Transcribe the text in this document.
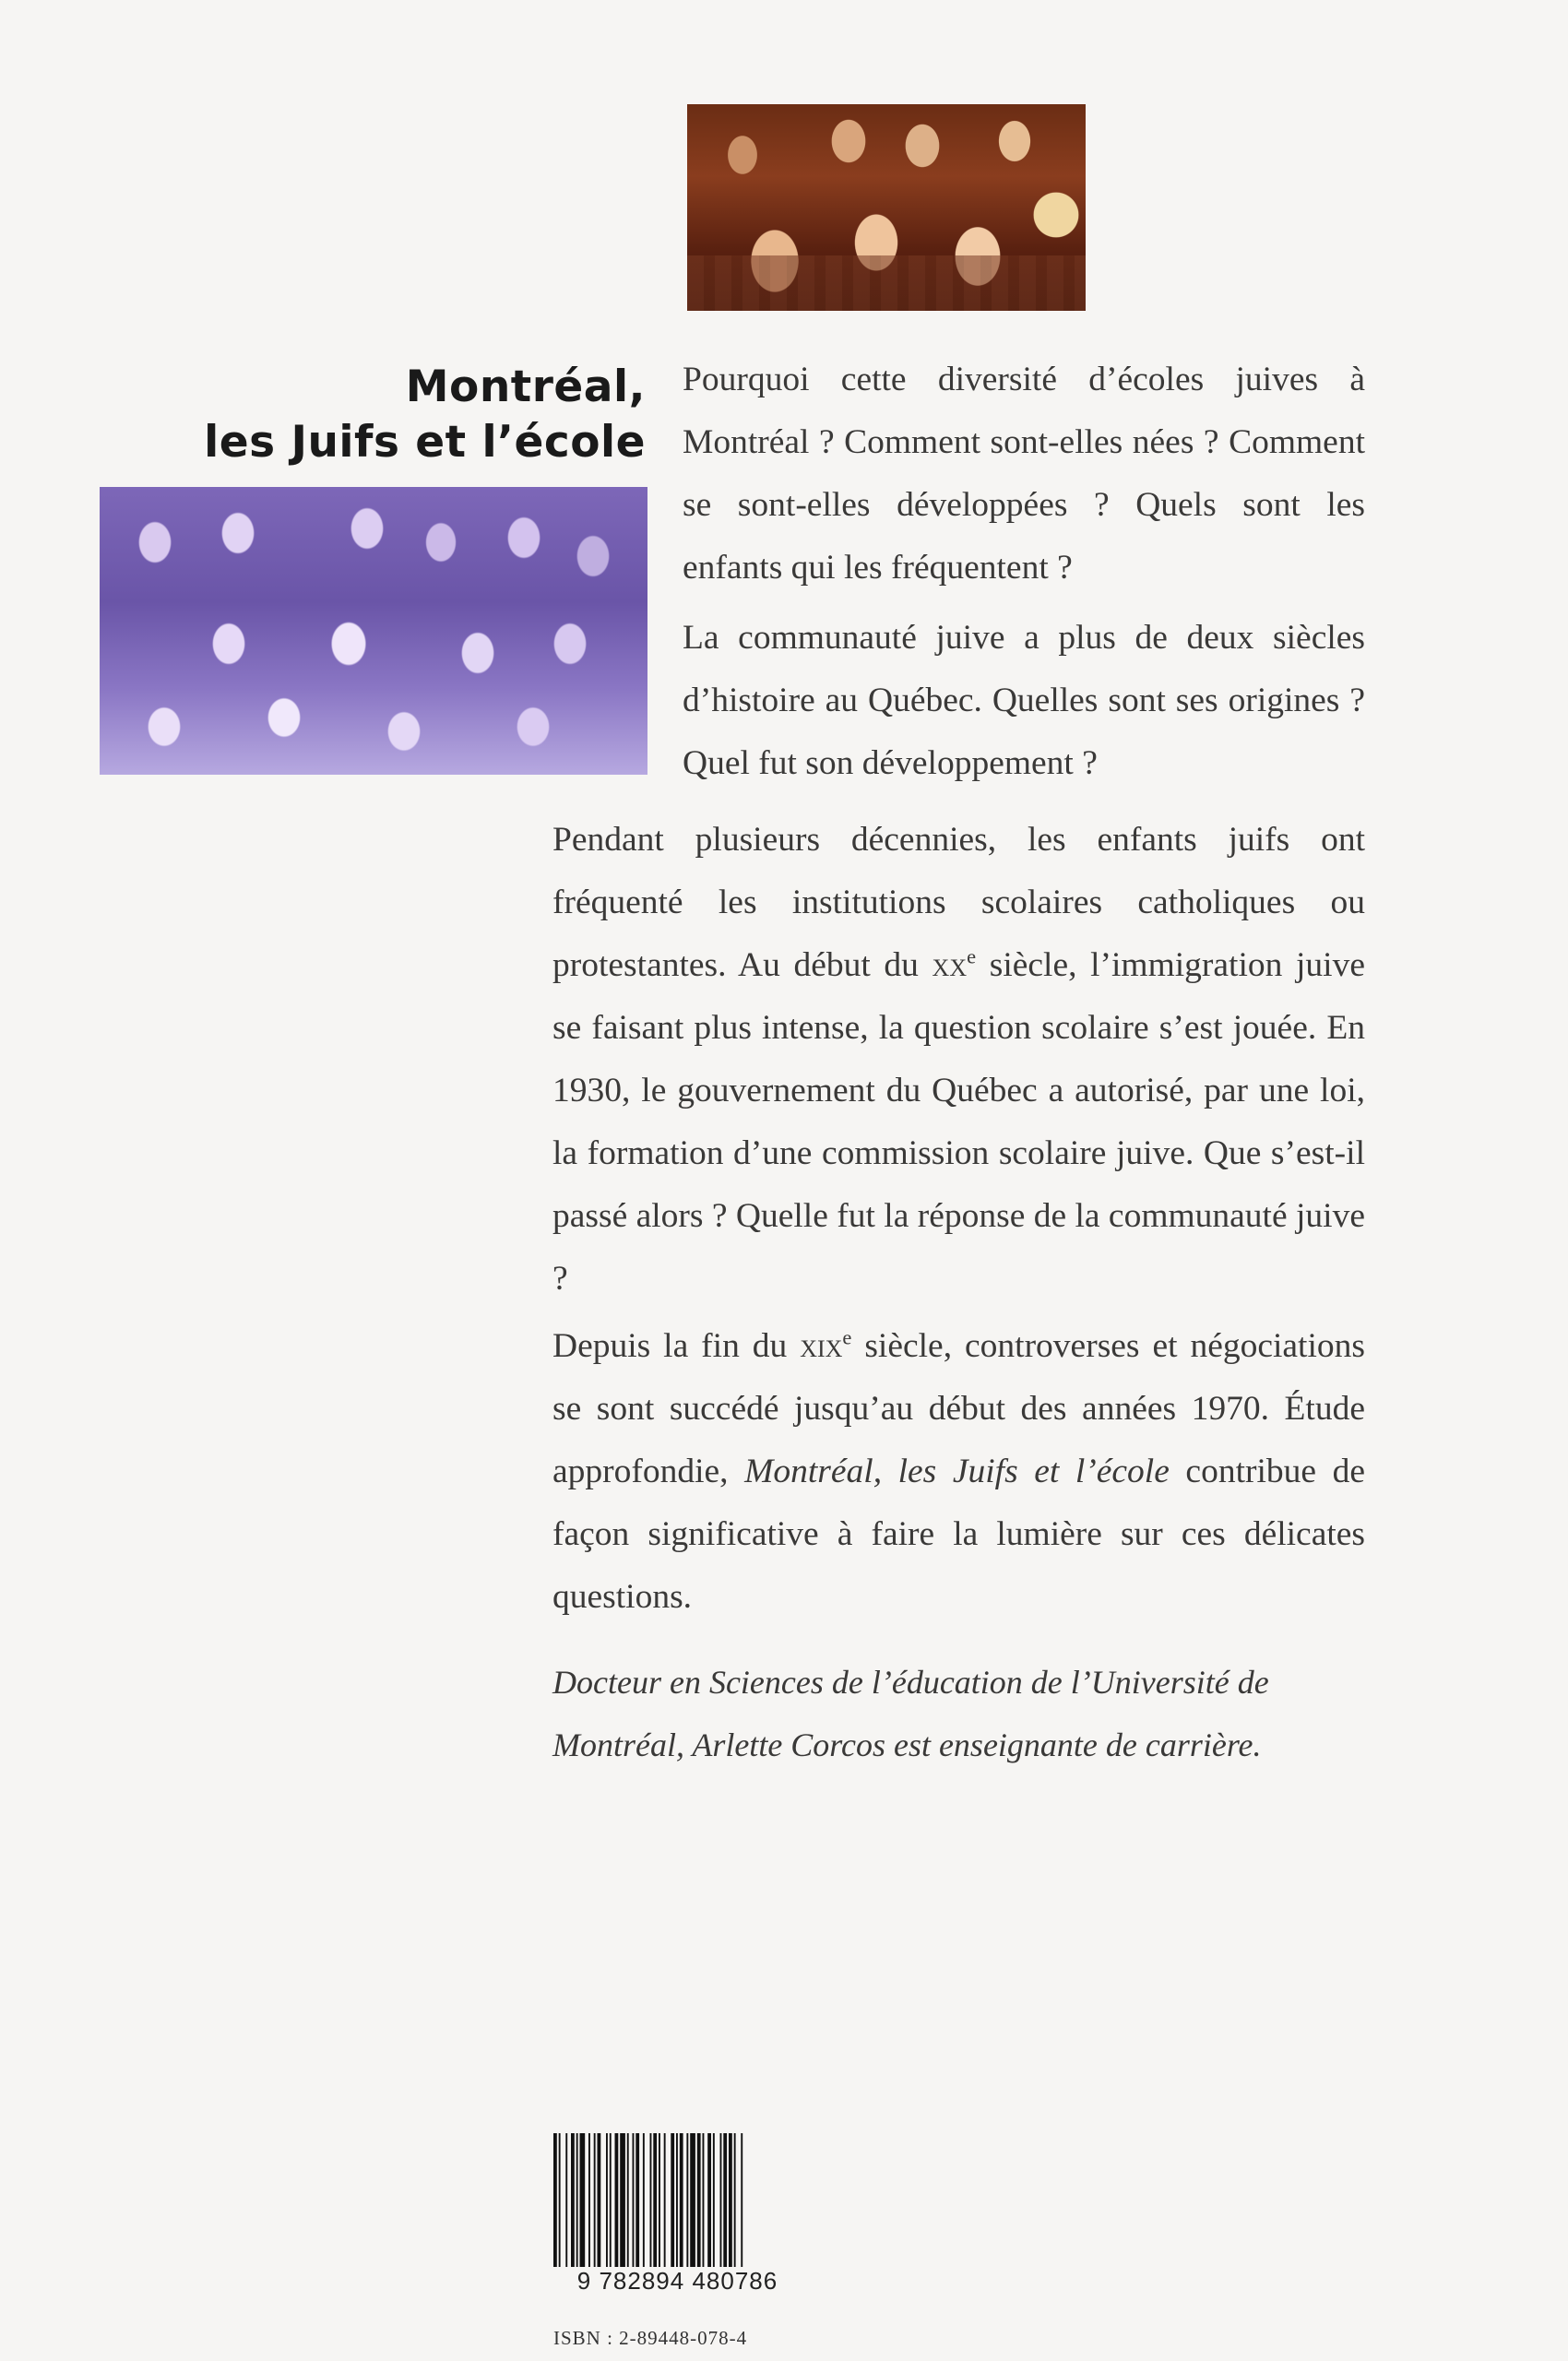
Montréal,
les Juifs et l’école

Pourquoi cette diversité d’écoles juives à Montréal ? Comment sont-elles nées ? Comment se sont-elles développées ? Quels sont les enfants qui les fréquentent ?

La communauté juive a plus de deux siècles d’histoire au Québec. Quelles sont ses origines ? Quel fut son développement ?

Pendant plusieurs décennies, les enfants juifs ont fréquenté les institutions scolaires catholiques ou protestantes. Au début du $xx^e$ siècle, l’immigration juive se faisant plus intense, la question scolaire s’est jouée. En 1930, le gouvernement du Québec a autorisé, par une loi, la formation d’une commission scolaire juive. Que s’est-il passé alors ? Quelle fut la réponse de la communauté juive ?

Depuis la fin du xix$^e$ siècle, controverses et négociations se sont succédé jusqu’au début des années 1970. Étude approfondie, Montréal, les Juifs et l’école contribue de façon significative à faire la lumière sur ces délicates questions.

Docteur en Sciences de l’éducation de l’Université de Montréal, Arlette Corcos est enseignante de carrière.

9 782894 480786

ISBN : 2-89448-078-4
